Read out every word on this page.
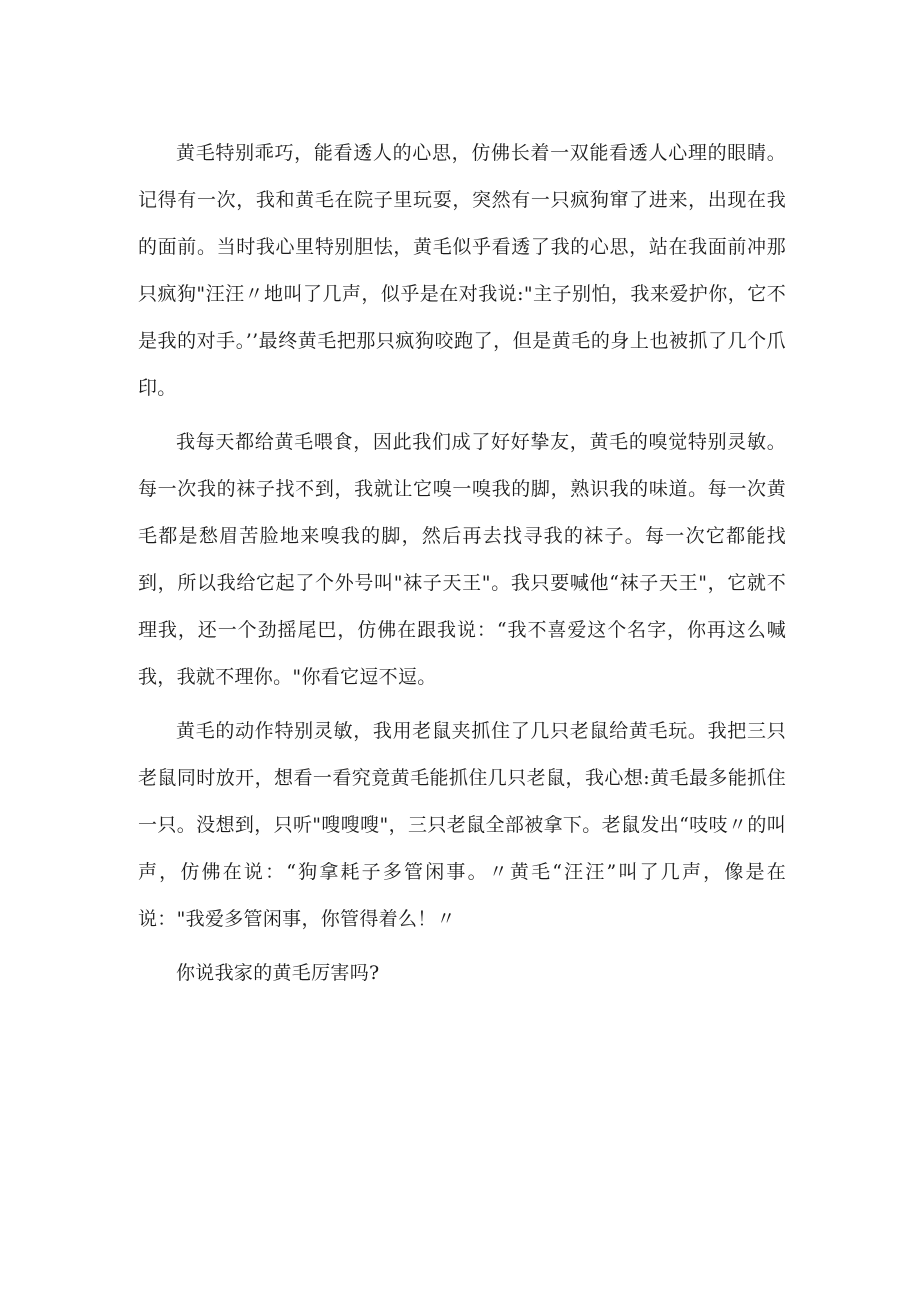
黄毛特别乖巧，能看透人的心思，仿佛长着一双能看透人心理的眼睛。记得有一次，我和黄毛在院子里玩耍，突然有一只疯狗窜了进来，出现在我的面前。当时我心里特别胆怯，黄毛似乎看透了我的心思，站在我面前冲那只疯狗"汪汪〃地叫了几声，似乎是在对我说:"主子别怕，我来爱护你，它不是我的对手。’’最终黄毛把那只疯狗咬跑了，但是黄毛的身上也被抓了几个爪印。

我每天都给黄毛喂食，因此我们成了好好挚友，黄毛的嗅觉特别灵敏。每一次我的袜子找不到，我就让它嗅一嗅我的脚，熟识我的味道。每一次黄毛都是愁眉苦脸地来嗅我的脚，然后再去找寻我的袜子。每一次它都能找到，所以我给它起了个外号叫"袜子天王"。我只要喊他“袜子天王"，它就不理我，还一个劲摇尾巴，仿佛在跟我说：“我不喜爱这个名字，你再这么喊我，我就不理你。"你看它逗不逗。

黄毛的动作特别灵敏，我用老鼠夹抓住了几只老鼠给黄毛玩。我把三只老鼠同时放开，想看一看究竟黄毛能抓住几只老鼠，我心想:黄毛最多能抓住一只。没想到，只听"嗖嗖嗖"，三只老鼠全部被拿下。老鼠发出“吱吱〃的叫声，仿佛在说：“狗拿耗子多管闲事。〃黄毛“汪汪”叫了几声，像是在说："我爱多管闲事，你管得着么！〃

你说我家的黄毛厉害吗?
